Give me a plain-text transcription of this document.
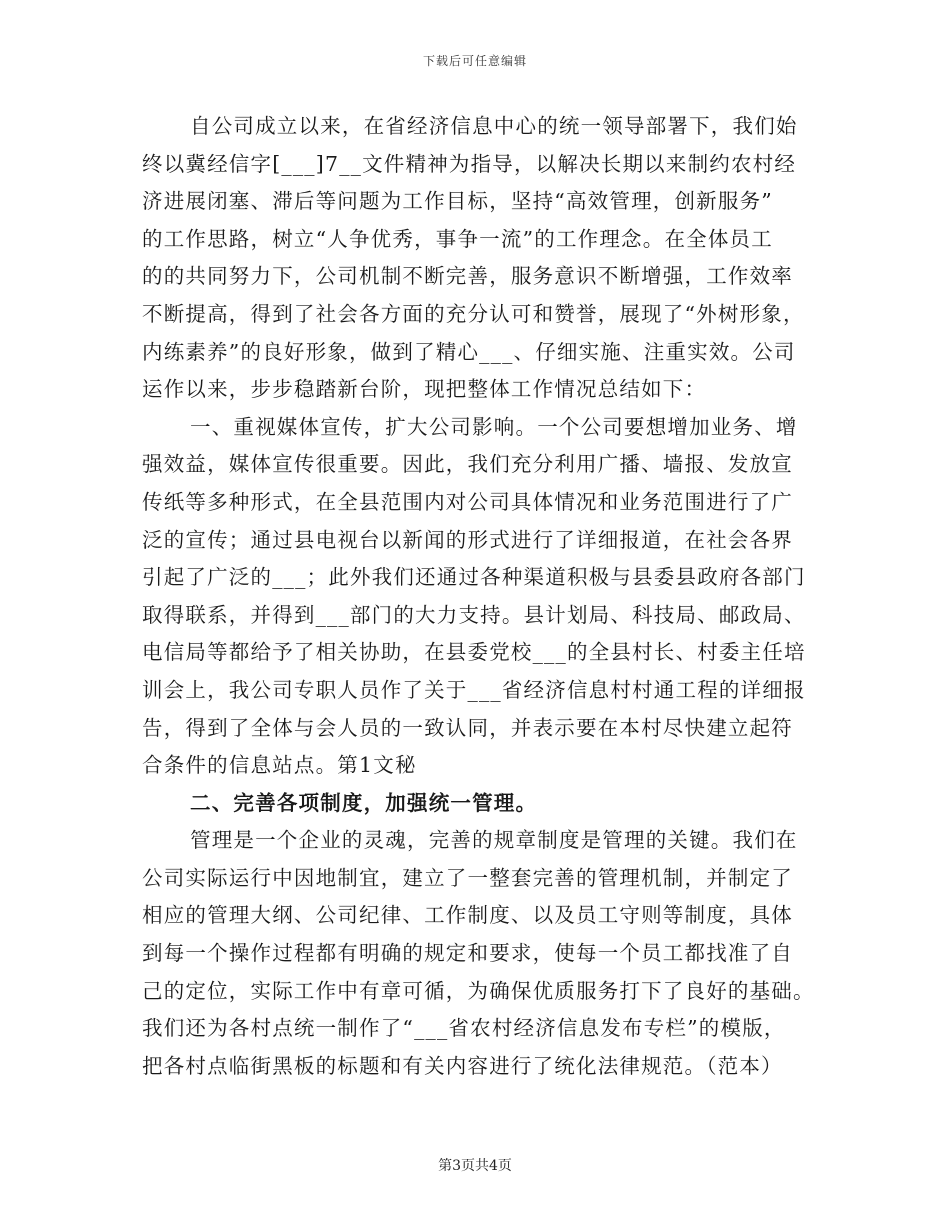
下载后可任意编辑
自公司成立以来，在省经济信息中心的统一领导部署下，我们始
终以冀经信字[___]7__文件精神为指导，以解决长期以来制约农村经
济进展闭塞、滞后等问题为工作目标，坚持“高效管理，创新服务”
的工作思路，树立“人争优秀，事争一流”的工作理念。在全体员工
的的共同努力下，公司机制不断完善，服务意识不断增强，工作效率
不断提高，得到了社会各方面的充分认可和赞誉，展现了“外树形象，
内练素养”的良好形象，做到了精心___、仔细实施、注重实效。公司
运作以来，步步稳踏新台阶，现把整体工作情况总结如下：
一、重视媒体宣传，扩大公司影响。一个公司要想增加业务、增
强效益，媒体宣传很重要。因此，我们充分利用广播、墙报、发放宣
传纸等多种形式，在全县范围内对公司具体情况和业务范围进行了广
泛的宣传；通过县电视台以新闻的形式进行了详细报道，在社会各界
引起了广泛的___；此外我们还通过各种渠道积极与县委县政府各部门
取得联系，并得到___部门的大力支持。县计划局、科技局、邮政局、
电信局等都给予了相关协助，在县委党校___的全县村长、村委主任培
训会上，我公司专职人员作了关于___省经济信息村村通工程的详细报
告，得到了全体与会人员的一致认同，并表示要在本村尽快建立起符
合条件的信息站点。第1文秘
二、完善各项制度，加强统一管理。
管理是一个企业的灵魂，完善的规章制度是管理的关键。我们在
公司实际运行中因地制宜，建立了一整套完善的管理机制，并制定了
相应的管理大纲、公司纪律、工作制度、以及员工守则等制度，具体
到每一个操作过程都有明确的规定和要求，使每一个员工都找准了自
己的定位，实际工作中有章可循，为确保优质服务打下了良好的基础。
我们还为各村点统一制作了“___省农村经济信息发布专栏”的模版，
把各村点临街黑板的标题和有关内容进行了统化法律规范。（范本）
第3页共4页
